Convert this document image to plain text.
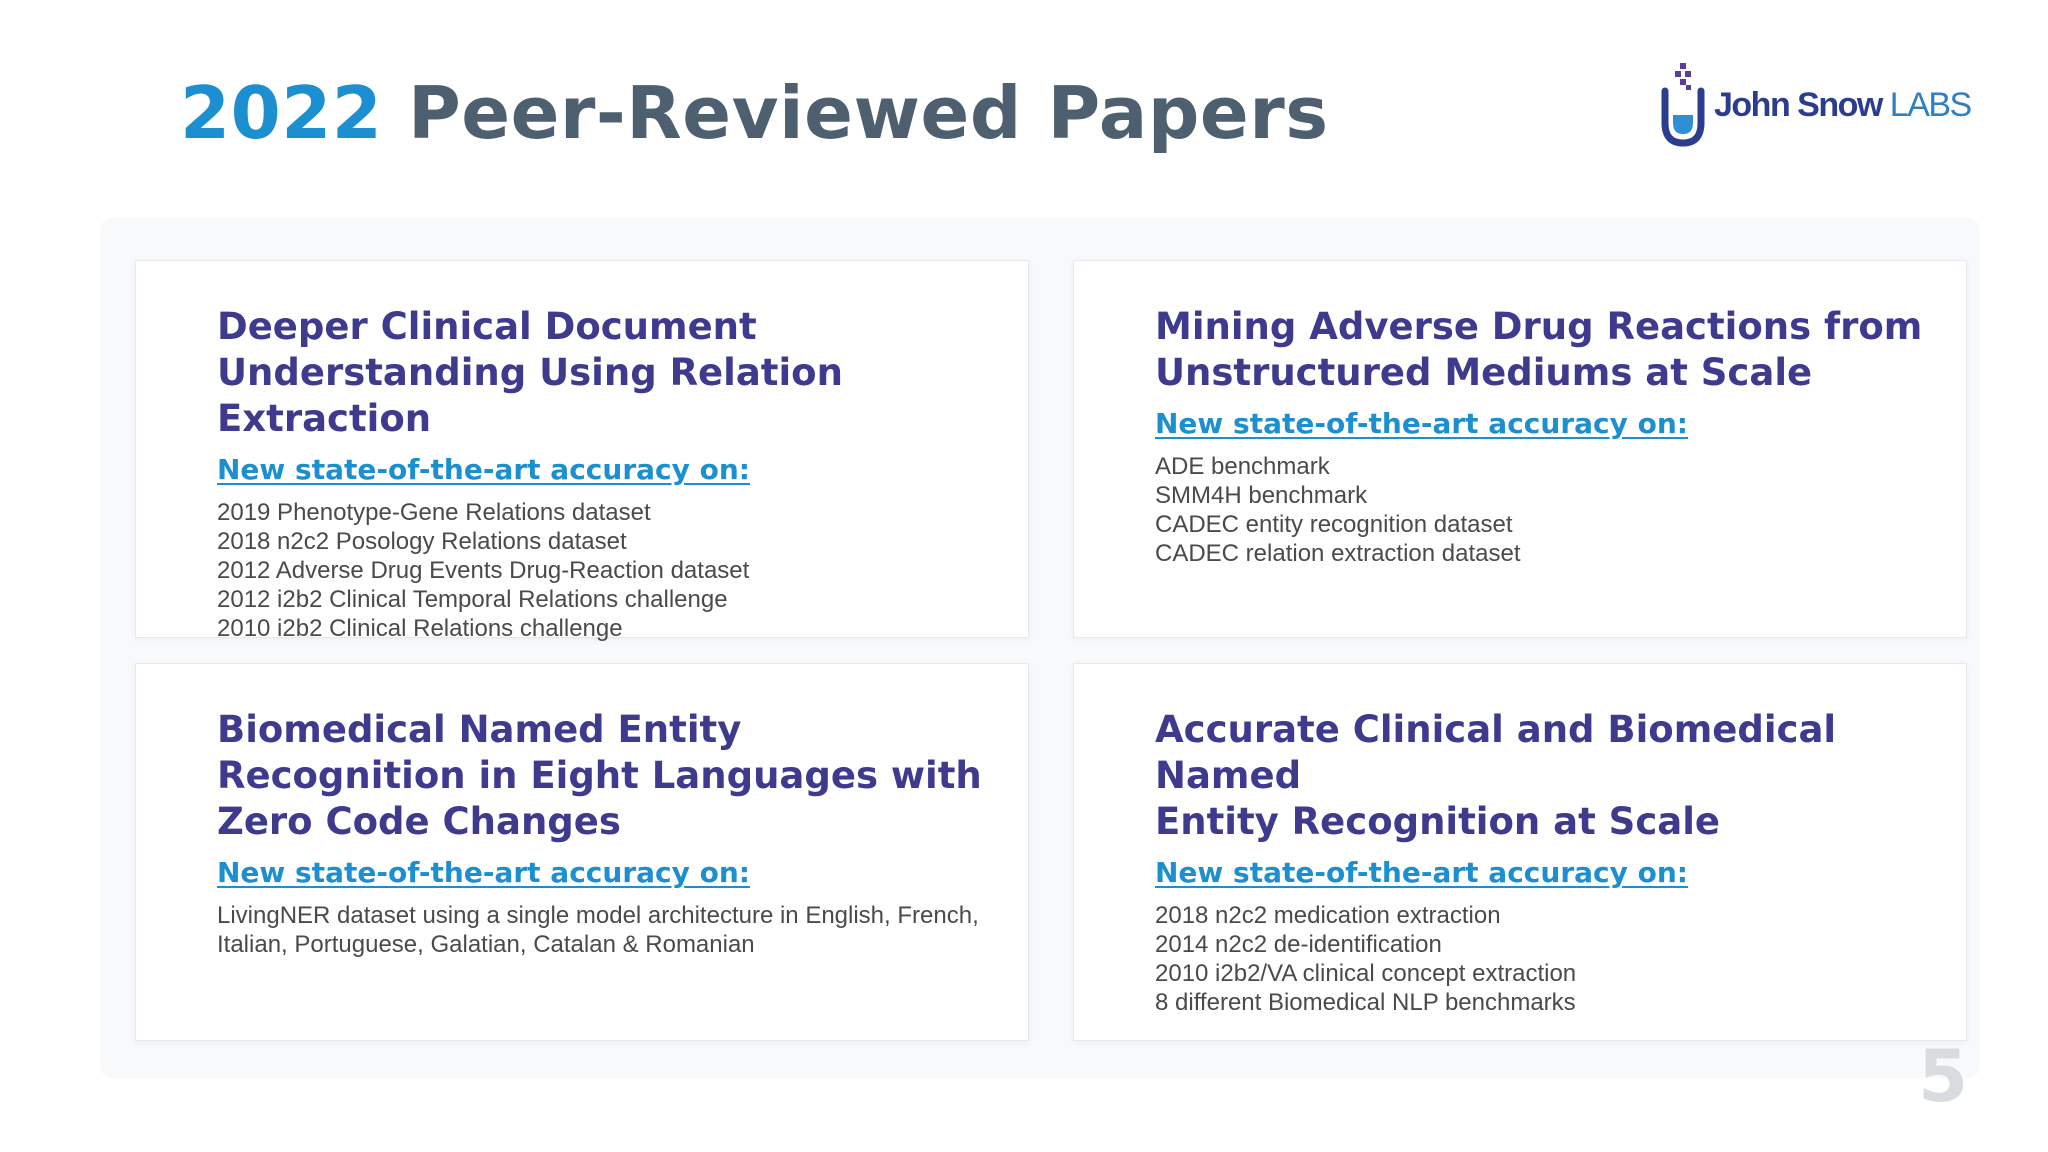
2022 Peer-Reviewed Papers	John Snow LABS
Deeper Clinical Document Understanding Using Relation Extraction
New state-of-the-art accuracy on:
2019 Phenotype-Gene Relations dataset
2018 n2c2 Posology Relations dataset
2012 Adverse Drug Events Drug-Reaction dataset
2012 i2b2 Clinical Temporal Relations challenge
2010 i2b2 Clinical Relations challenge
Mining Adverse Drug Reactions from Unstructured Mediums at Scale
New state-of-the-art accuracy on:
ADE benchmark
SMM4H benchmark
CADEC entity recognition dataset
CADEC relation extraction dataset
Biomedical Named Entity Recognition in Eight Languages with Zero Code Changes
New state-of-the-art accuracy on:
LivingNER dataset using a single model architecture in English, French, Italian, Portuguese, Galatian, Catalan & Romanian
Accurate Clinical and Biomedical Named
Entity Recognition at Scale
New state-of-the-art accuracy on:
2018 n2c2 medication extraction
2014 n2c2 de-identification
2010 i2b2/VA clinical concept extraction
8 different Biomedical NLP benchmarks
5
